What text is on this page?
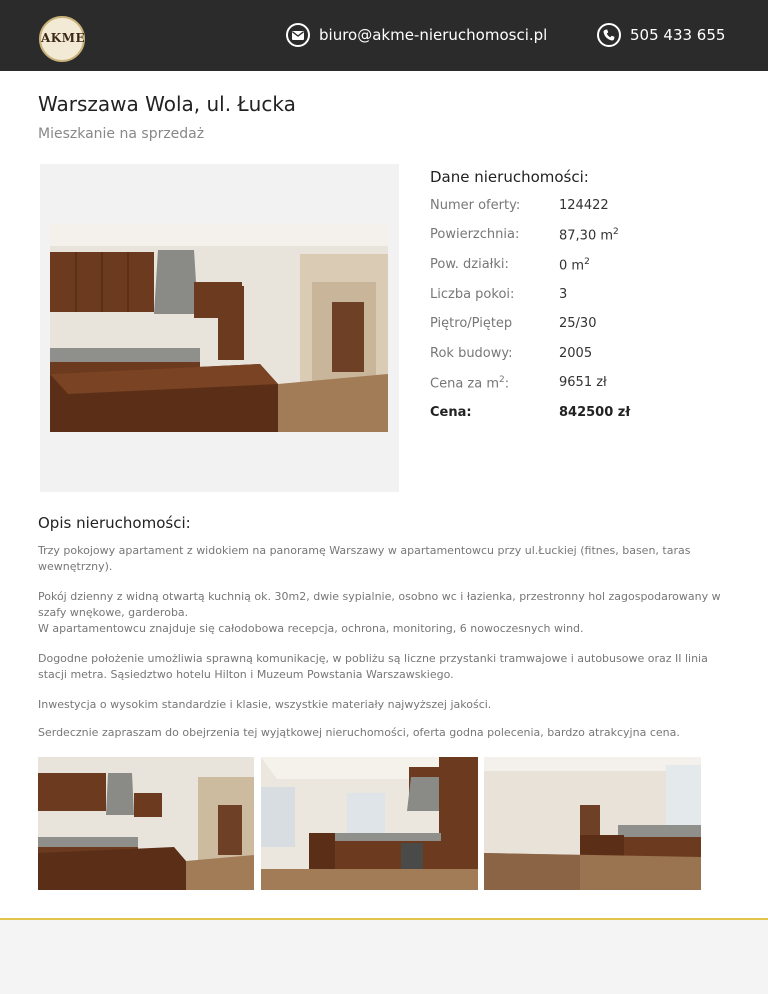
AKME	biuro@akme-nieruchomosci.pl	505 433 655
Warszawa Wola, ul. Łucka
Mieszkanie na sprzedaż
Dane nieruchomości:
Numer oferty:	124422
Powierzchnia:	87,30 $m^2$
Pow. działki:	0 $m^2$
Liczba pokoi:	3
Piętro/Piętер	25/30
Rok budowy:	2005
Cena za $m^2$:	9651 zł
Cena:	842500 zł
Opis nieruchomości:

Trzy pokojowy apartament z widokiem na panoramę Warszawy w apartamentowcu przy ul.Łuckiej (fitnes, basen, taras wewnętrzny).

Pokój dzienny z widną otwartą kuchnią ok. 30m2, dwie sypialnie, osobno wc i łazienka, przestronny hol zagospodarowany w szafy wnękowe, garderoba.

W apartamentowcu znajduje się całodobowa recepcja, ochrona, monitoring, 6 nowoczesnych wind.

Dogodne położenie umożliwia sprawną komunikację, w pobliżu są liczne przystanki tramwajowe i autobusowe oraz II linia stacji metra. Sąsiedztwo hotelu Hilton i Muzeum Powstania Warszawskiego.

Inwestycja o wysokim standardzie i klasie, wszystkie materiały najwyższej jakości.

Serdecznie zapraszam do obejrzenia tej wyjątkowej nieruchomości, oferta godna polecenia, bardzo atrakcyjna cena.
